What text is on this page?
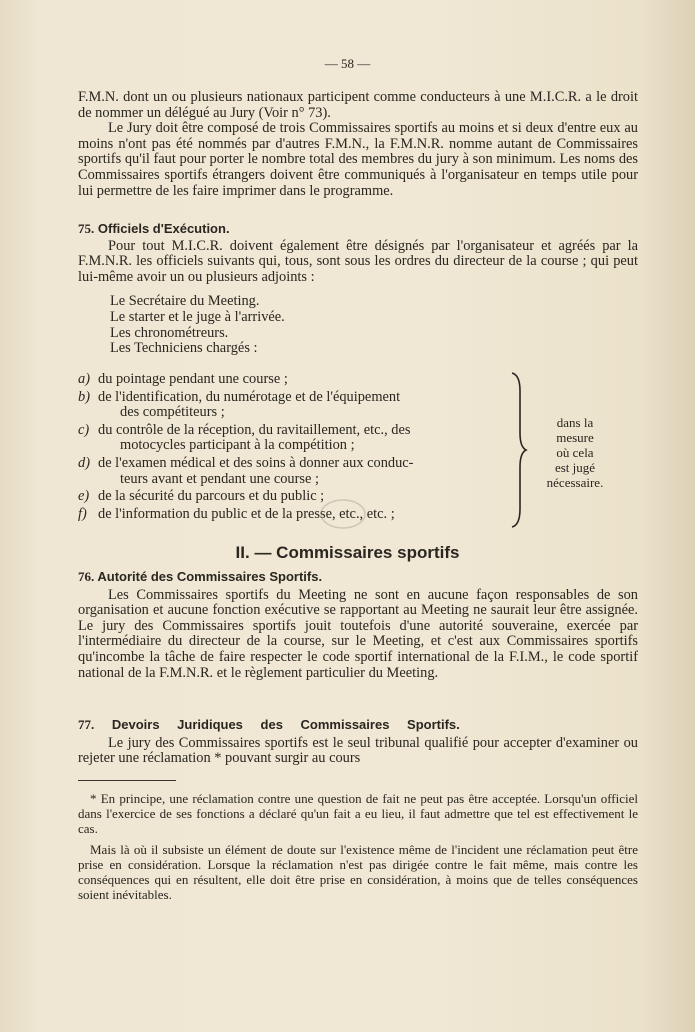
— 58 —

F.M.N. dont un ou plusieurs nationaux participent comme conducteurs à une M.I.C.R. a le droit de nommer un délégué au Jury (Voir n° 73).

Le Jury doit être composé de trois Commissaires sportifs au moins et si deux d'entre eux au moins n'ont pas été nommés par d'autres F.M.N., la F.M.N.R. nomme autant de Commissaires sportifs qu'il faut pour porter le nombre total des membres du jury à son minimum. Les noms des Commissaires sportifs étrangers doivent être communiqués à l'organisateur en temps utile pour lui permettre de les faire imprimer dans le programme.

75. Officiels d'Exécution.

Pour tout M.I.C.R. doivent également être désignés par l'organisateur et agréés par la F.M.N.R. les officiels suivants qui, tous, sont sous les ordres du directeur de la course ; qui peut lui-même avoir un ou plusieurs adjoints :

Le Secrétaire du Meeting.
Le starter et le juge à l'arrivée.
Les chronométreurs.
Les Techniciens chargés :
a) du pointage pendant une course ;
b) de l'identification, du numérotage et de l'équipement
des compétiteurs ;
c) du contrôle de la réception, du ravitaillement, etc., des
motocycles participant à la compétition ;
d) de l'examen médical et des soins à donner aux conduc-
teurs avant et pendant une course ;
e) de la sécurité du parcours et du public ;
f) de l'information du public et de la presse, etc., etc. ;
dans la
mesure
où cela
est jugé
nécessaire.
II. — Commissaires sportifs

76. Autorité des Commissaires Sportifs.

Les Commissaires sportifs du Meeting ne sont en aucune façon responsables de son organisation et aucune fonction exécutive se rapportant au Meeting ne saurait leur être assignée. Le jury des Commissaires sportifs jouit toutefois d'une autorité souveraine, exercée par l'intermédiaire du directeur de la course, sur le Meeting, et c'est aux Commissaires sportifs qu'incombe la tâche de faire respecter le code sportif international de la F.I.M., le code sportif national de la F.M.N.R. et le règlement particulier du Meeting.

77. Devoirs Juridiques des Commissaires Sportifs.

Le jury des Commissaires sportifs est le seul tribunal qualifié pour accepter d'examiner ou rejeter une réclamation * pouvant surgir au cours

* En principe, une réclamation contre une question de fait ne peut pas être acceptée. Lorsqu'un officiel dans l'exercice de ses fonctions a déclaré qu'un fait a eu lieu, il faut admettre que tel est effectivement le cas.

Mais là où il subsiste un élément de doute sur l'existence même de l'incident une réclamation peut être prise en considération. Lorsque la réclamation n'est pas dirigée contre le fait même, mais contre les conséquences qui en résultent, elle doit être prise en considération, à moins que de telles conséquences soient inévitables.
